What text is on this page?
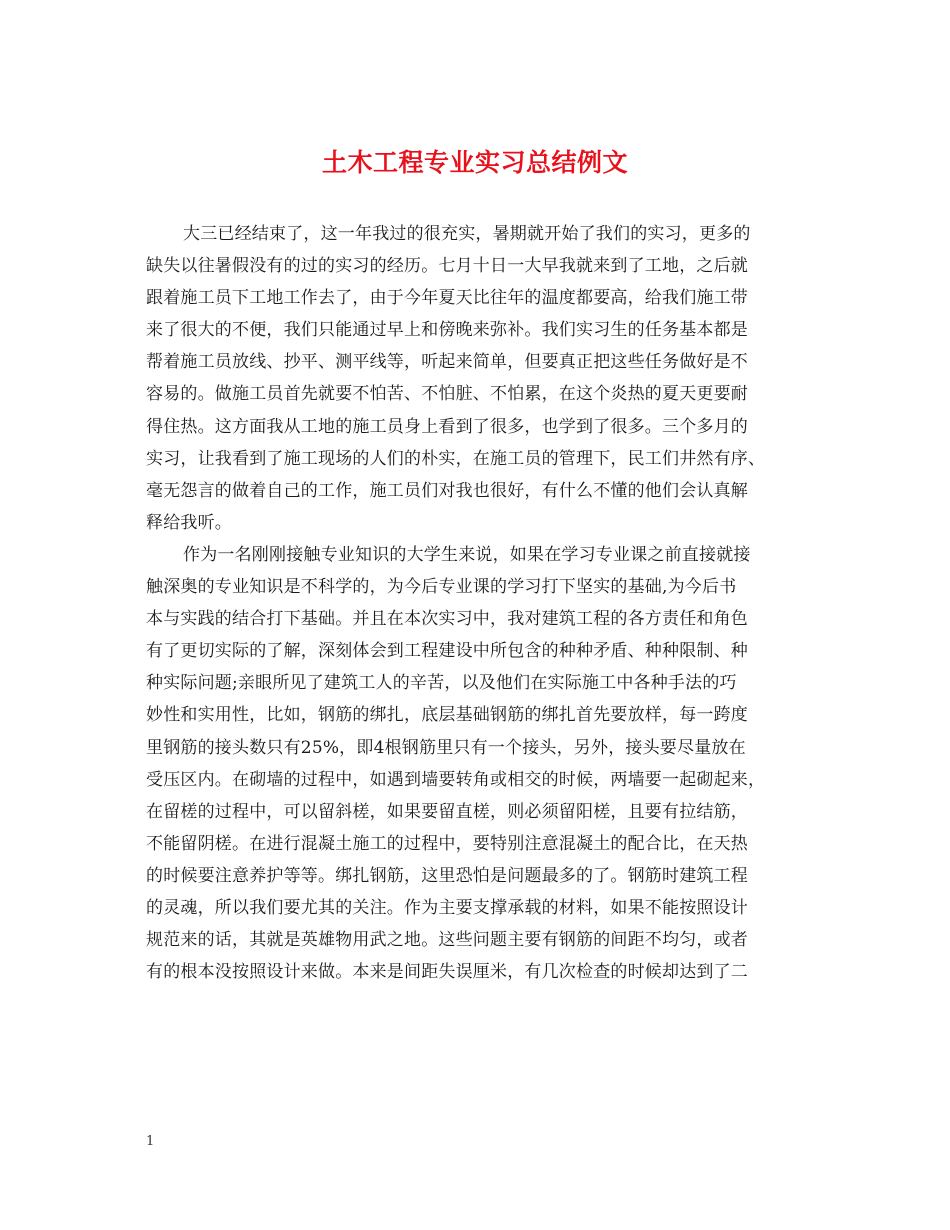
土木工程专业实习总结例文
大三已经结束了，这一年我过的很充实，暑期就开始了我们的实习，更多的
缺失以往暑假没有的过的实习的经历。七月十日一大早我就来到了工地，之后就
跟着施工员下工地工作去了，由于今年夏天比往年的温度都要高，给我们施工带
来了很大的不便，我们只能通过早上和傍晚来弥补。我们实习生的任务基本都是
帮着施工员放线、抄平、测平线等，听起来简单，但要真正把这些任务做好是不
容易的。做施工员首先就要不怕苦、不怕脏、不怕累，在这个炎热的夏天更要耐
得住热。这方面我从工地的施工员身上看到了很多，也学到了很多。三个多月的
实习，让我看到了施工现场的人们的朴实，在施工员的管理下，民工们井然有序、
毫无怨言的做着自己的工作，施工员们对我也很好，有什么不懂的他们会认真解
释给我听。
作为一名刚刚接触专业知识的大学生来说，如果在学习专业课之前直接就接
触深奥的专业知识是不科学的，为今后专业课的学习打下坚实的基础,为今后书
本与实践的结合打下基础。并且在本次实习中，我对建筑工程的各方责任和角色
有了更切实际的了解，深刻体会到工程建设中所包含的种种矛盾、种种限制、种
种实际问题;亲眼所见了建筑工人的辛苦，以及他们在实际施工中各种手法的巧
妙性和实用性，比如，钢筋的绑扎，底层基础钢筋的绑扎首先要放样，每一跨度
里钢筋的接头数只有25%，即4根钢筋里只有一个接头，另外，接头要尽量放在
受压区内。在砌墙的过程中，如遇到墙要转角或相交的时候，两墙要一起砌起来，
在留槎的过程中，可以留斜槎，如果要留直槎，则必须留阳槎，且要有拉结筋，
不能留阴槎。在进行混凝土施工的过程中，要特别注意混凝土的配合比，在天热
的时候要注意养护等等。绑扎钢筋，这里恐怕是问题最多的了。钢筋时建筑工程
的灵魂，所以我们要尤其的关注。作为主要支撑承载的材料，如果不能按照设计
规范来的话，其就是英雄物用武之地。这些问题主要有钢筋的间距不均匀，或者
有的根本没按照设计来做。本来是间距失误厘米，有几次检查的时候却达到了二
1
